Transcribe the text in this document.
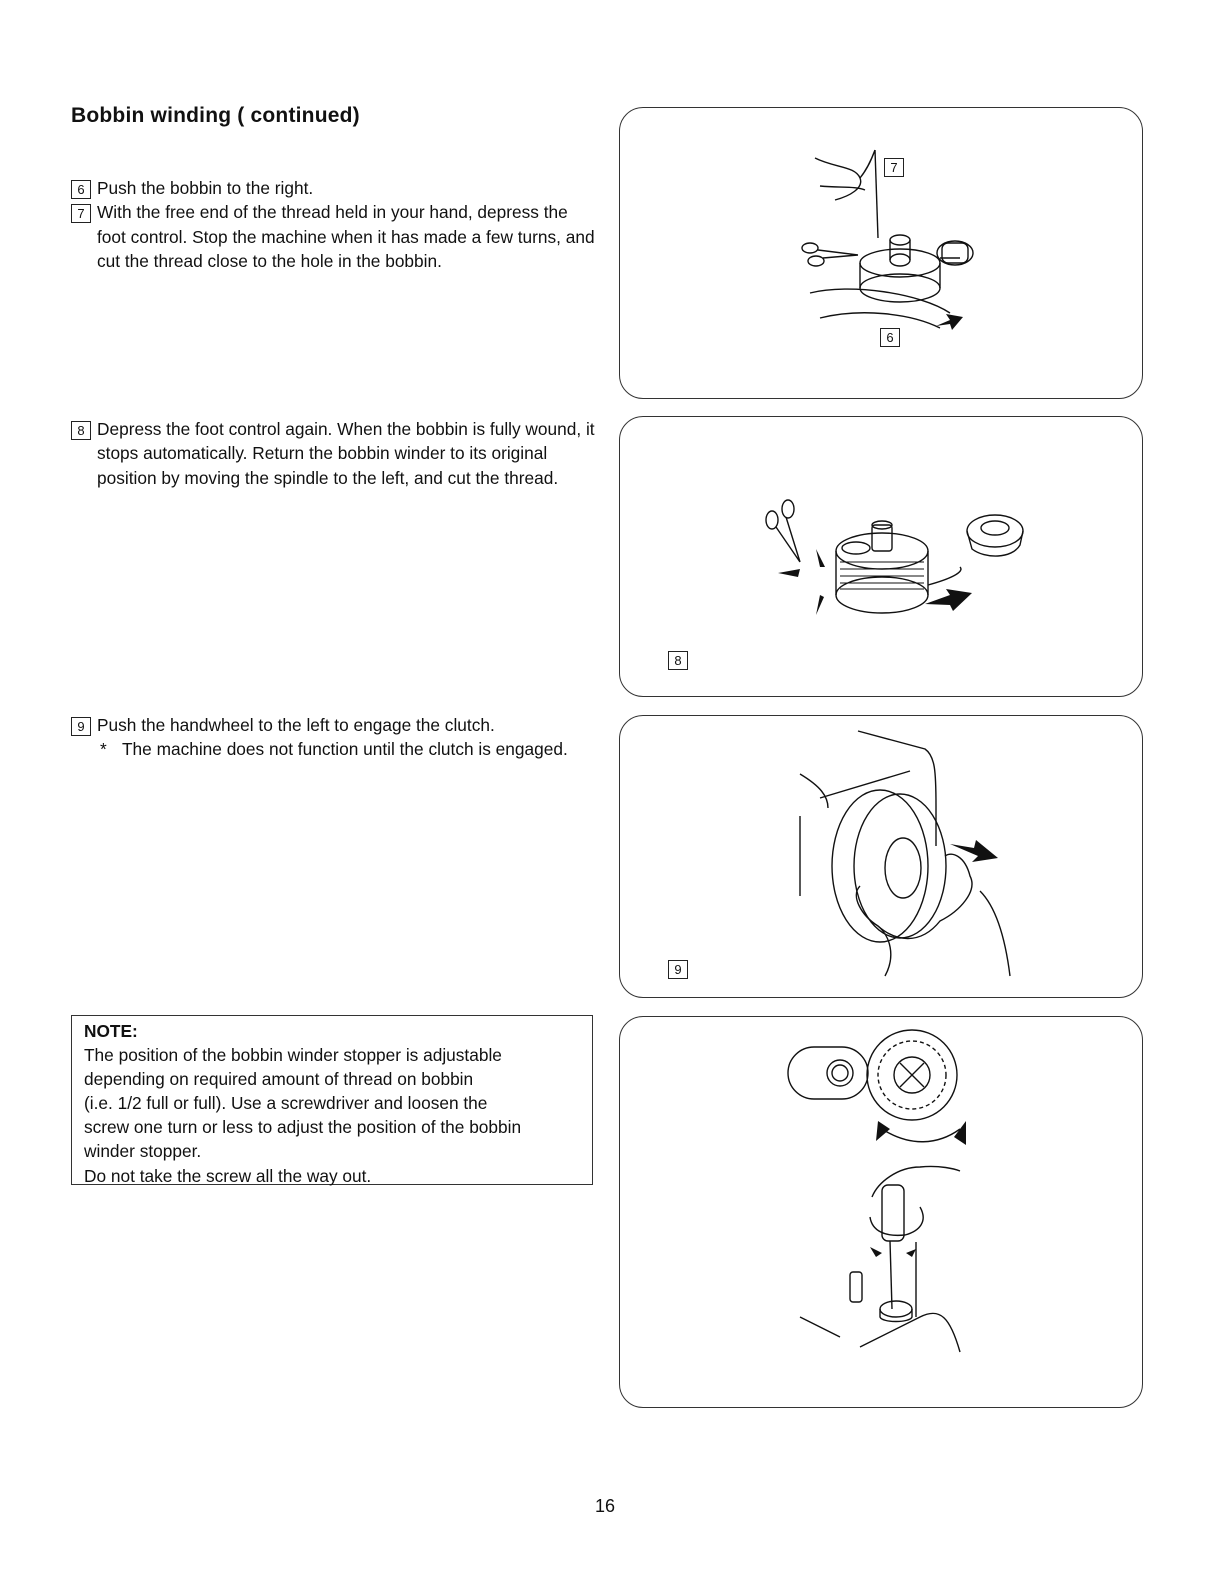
Bobbin winding ( continued)
6 Push the bobbin to the right.
7 With the free end of the thread held in your hand, depress the foot control. Stop the machine when it has made a few turns, and cut the thread close to the hole in the bobbin.
8 Depress the foot control again. When the bobbin is fully wound, it stops automatically. Return the bobbin winder to its original position by moving the spindle to the left, and cut the thread.
9 Push the handwheel to the left to engage the clutch.
* The machine does not function until the clutch is engaged.
NOTE:
The position of the bobbin winder stopper is adjustable
depending on required amount of thread on bobbin
(i.e. 1/2 full or full). Use a screwdriver and loosen the
screw one turn or less to adjust the position of the bobbin
winder stopper.
Do not take the screw all the way out.
7
6
8
9
16
